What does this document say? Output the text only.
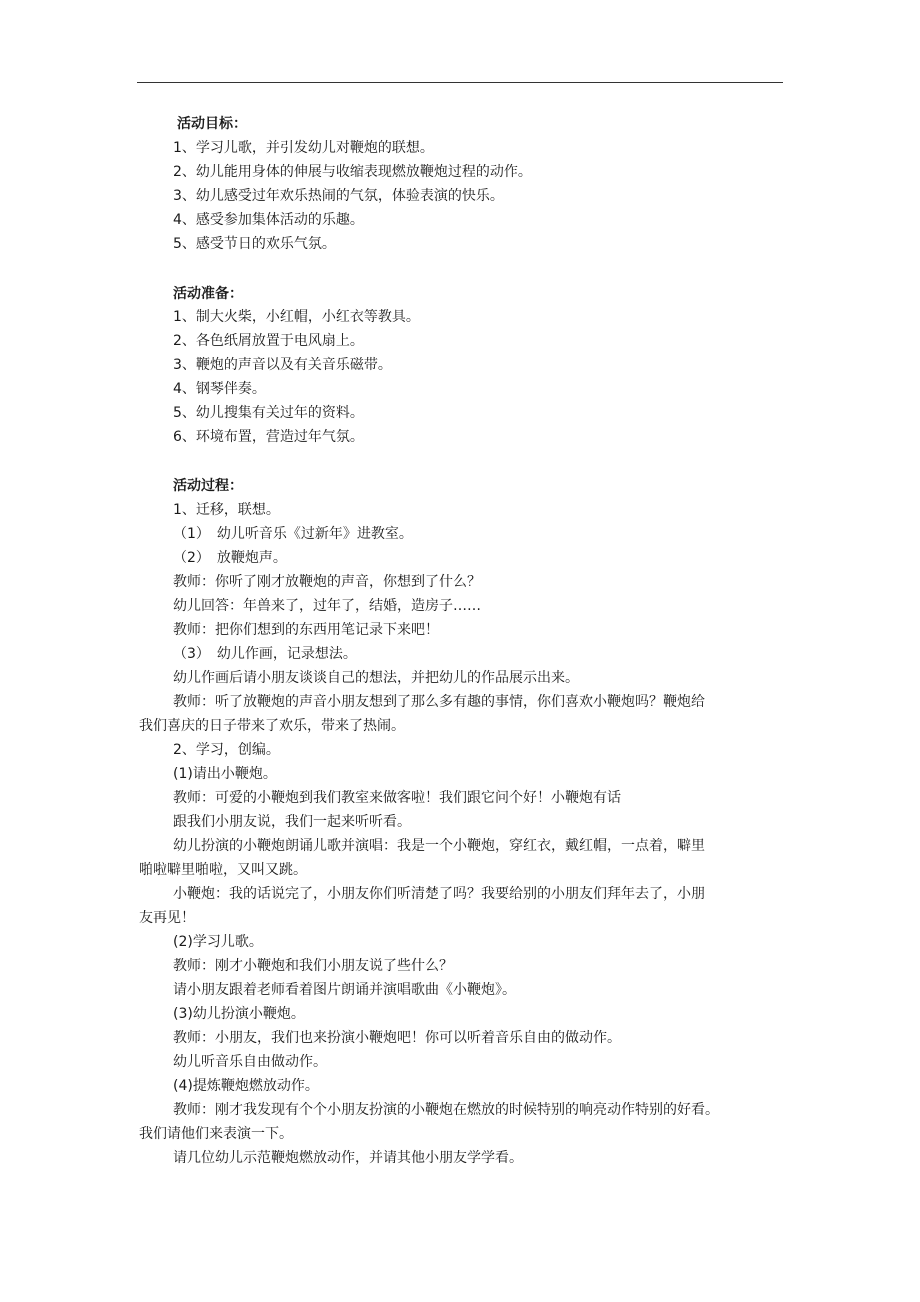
活动目标：
1、学习儿歌，并引发幼儿对鞭炮的联想。
2、幼儿能用身体的伸展与收缩表现燃放鞭炮过程的动作。
3、幼儿感受过年欢乐热闹的气氛，体验表演的快乐。
4、感受参加集体活动的乐趣。
5、感受节日的欢乐气氛。
活动准备：
1、制大火柴，小红帽，小红衣等教具。
2、各色纸屑放置于电风扇上。
3、鞭炮的声音以及有关音乐磁带。
4、钢琴伴奏。
5、幼儿搜集有关过年的资料。
6、环境布置，营造过年气氛。
活动过程：
1、迁移，联想。
（1）　幼儿听音乐《过新年》进教室。
（2）　放鞭炮声。
教师：你听了刚才放鞭炮的声音，你想到了什么？
幼儿回答：年兽来了，过年了，结婚，造房子……
教师：把你们想到的东西用笔记录下来吧！
（3）　幼儿作画，记录想法。
幼儿作画后请小朋友谈谈自己的想法，并把幼儿的作品展示出来。
教师：听了放鞭炮的声音小朋友想到了那么多有趣的事情，你们喜欢小鞭炮吗？鞭炮给
我们喜庆的日子带来了欢乐，带来了热闹。
2、学习，创编。
(1)请出小鞭炮。
教师：可爱的小鞭炮到我们教室来做客啦！我们跟它问个好！小鞭炮有话
跟我们小朋友说，我们一起来听听看。
幼儿扮演的小鞭炮朗诵儿歌并演唱：我是一个小鞭炮，穿红衣，戴红帽，一点着，噼里
啪啦噼里啪啦，又叫又跳。
小鞭炮：我的话说完了，小朋友你们听清楚了吗？我要给别的小朋友们拜年去了，小朋
友再见！
(2)学习儿歌。
教师：刚才小鞭炮和我们小朋友说了些什么？
请小朋友跟着老师看着图片朗诵并演唱歌曲《小鞭炮》。
(3)幼儿扮演小鞭炮。
教师：小朋友，我们也来扮演小鞭炮吧！你可以听着音乐自由的做动作。
幼儿听音乐自由做动作。
(4)提炼鞭炮燃放动作。
教师：刚才我发现有个个小朋友扮演的小鞭炮在燃放的时候特别的响亮动作特别的好看。
我们请他们来表演一下。
请几位幼儿示范鞭炮燃放动作，并请其他小朋友学学看。
